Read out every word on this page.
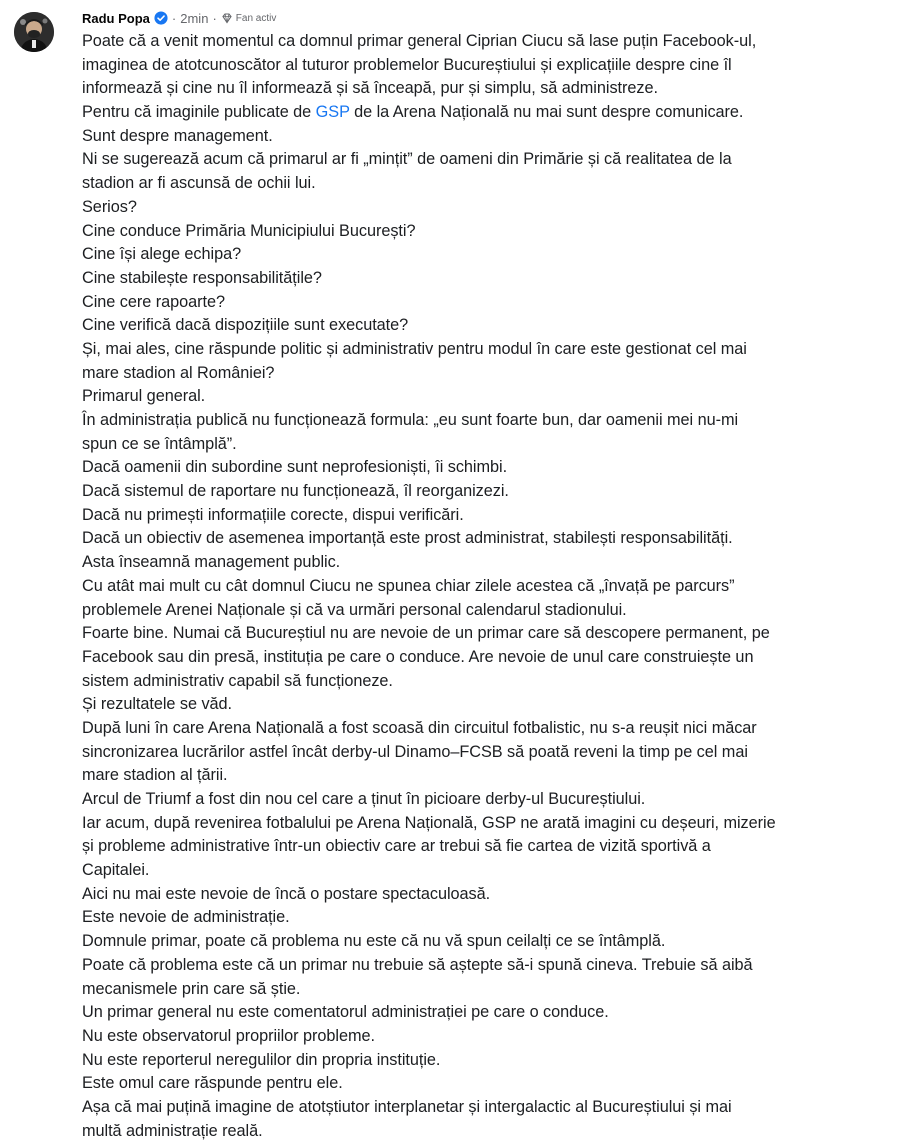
Radu Popa · 2min · Fan activ
Poate că a venit momentul ca domnul primar general Ciprian Ciucu să lase puțin Facebook-ul,
imaginea de atotcunoscător al tuturor problemelor Bucureștiului și explicațiile despre cine îl
informează și cine nu îl informează și să înceapă, pur și simplu, să administreze.
Pentru că imaginile publicate de GSP de la Arena Națională nu mai sunt despre comunicare.
Sunt despre management.
Ni se sugerează acum că primarul ar fi „mințit” de oameni din Primărie și că realitatea de la
stadion ar fi ascunsă de ochii lui.
Serios?
Cine conduce Primăria Municipiului București?
Cine își alege echipa?
Cine stabilește responsabilitățile?
Cine cere rapoarte?
Cine verifică dacă dispozițiile sunt executate?
Și, mai ales, cine răspunde politic și administrativ pentru modul în care este gestionat cel mai
mare stadion al României?
Primarul general.
În administrația publică nu funcționează formula: „eu sunt foarte bun, dar oamenii mei nu-mi
spun ce se întâmplă”.
Dacă oamenii din subordine sunt neprofesioniști, îi schimbi.
Dacă sistemul de raportare nu funcționează, îl reorganizezi.
Dacă nu primești informațiile corecte, dispui verificări.
Dacă un obiectiv de asemenea importanță este prost administrat, stabilești responsabilități.
Asta înseamnă management public.
Cu atât mai mult cu cât domnul Ciucu ne spunea chiar zilele acestea că „învață pe parcurs”
problemele Arenei Naționale și că va urmări personal calendarul stadionului.
Foarte bine. Numai că Bucureștiul nu are nevoie de un primar care să descopere permanent, pe
Facebook sau din presă, instituția pe care o conduce. Are nevoie de unul care construiește un
sistem administrativ capabil să funcționeze.
Și rezultatele se văd.
După luni în care Arena Națională a fost scoasă din circuitul fotbalistic, nu s-a reușit nici măcar
sincronizarea lucrărilor astfel încât derby-ul Dinamo–FCSB să poată reveni la timp pe cel mai
mare stadion al țării.
Arcul de Triumf a fost din nou cel care a ținut în picioare derby-ul Bucureștiului.
Iar acum, după revenirea fotbalului pe Arena Națională, GSP ne arată imagini cu deșeuri, mizerie
și probleme administrative într-un obiectiv care ar trebui să fie cartea de vizită sportivă a
Capitalei.
Aici nu mai este nevoie de încă o postare spectaculoasă.
Este nevoie de administrație.
Domnule primar, poate că problema nu este că nu vă spun ceilalți ce se întâmplă.
Poate că problema este că un primar nu trebuie să aștepte să-i spună cineva. Trebuie să aibă
mecanismele prin care să știe.
Un primar general nu este comentatorul administrației pe care o conduce.
Nu este observatorul propriilor probleme.
Nu este reporterul neregulilor din propria instituție.
Este omul care răspunde pentru ele.
Așa că mai puțină imagine de atotștiutor interplanetar și intergalactic al Bucureștiului și mai
multă administrație reală.
